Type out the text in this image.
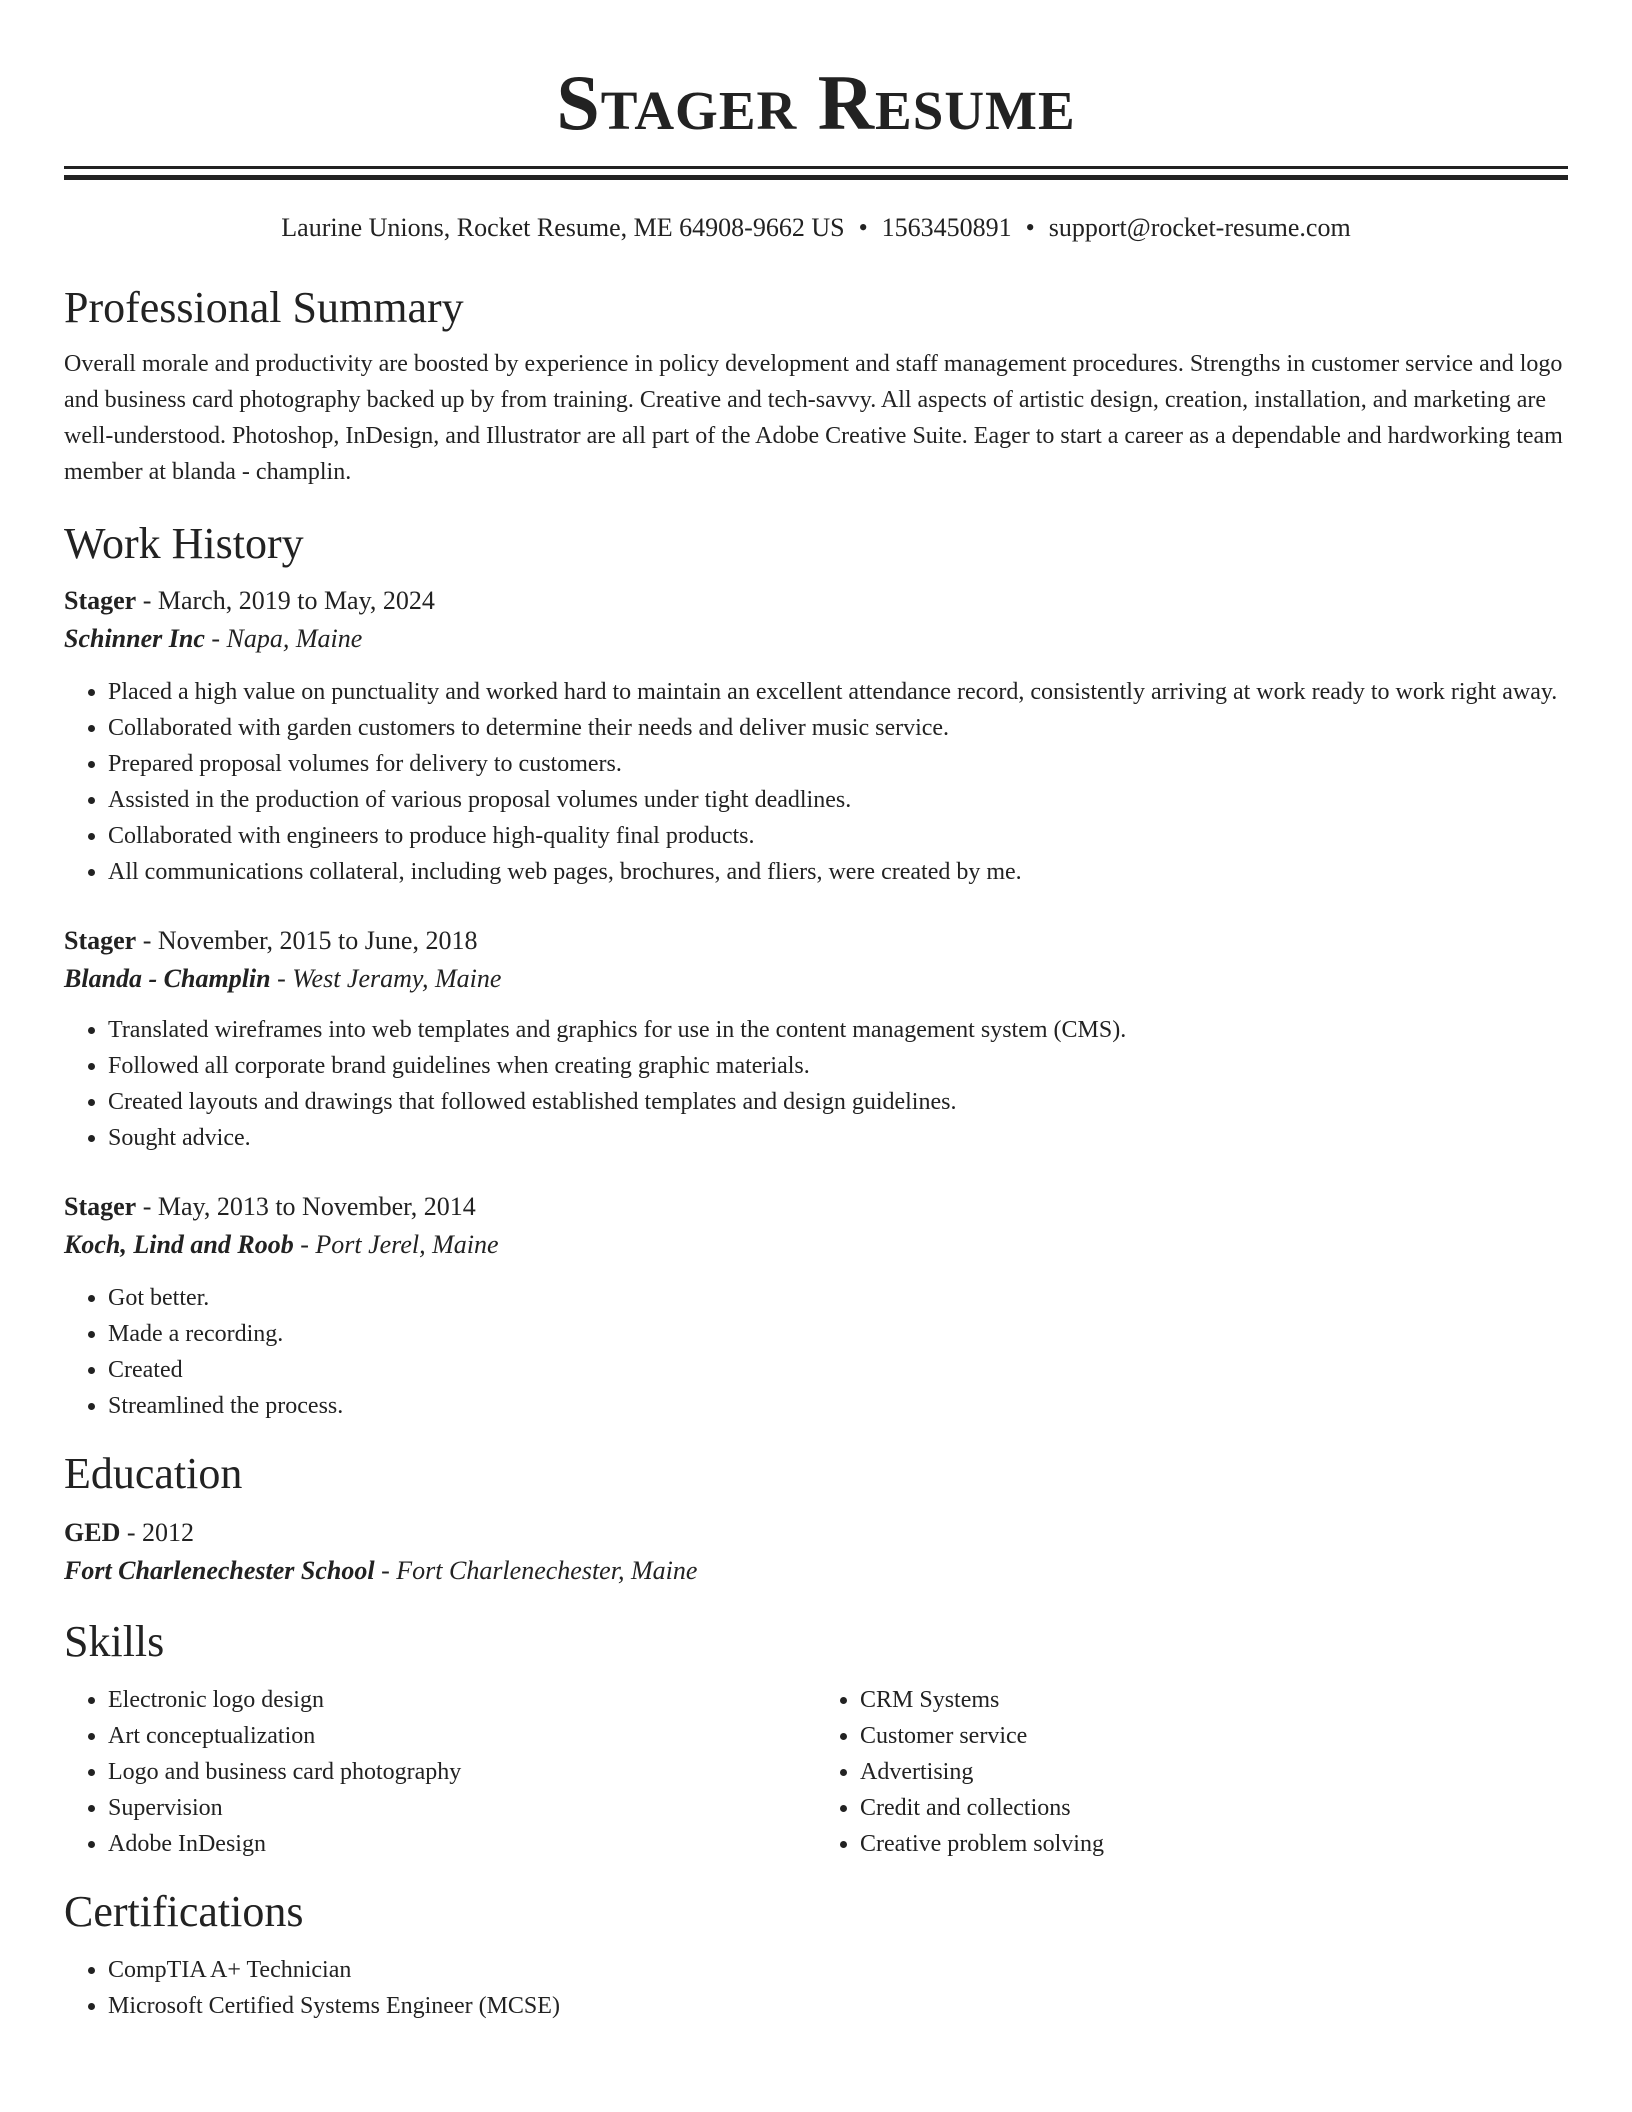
Stager Resume
Laurine Unions, Rocket Resume, ME 64908-9662 US • 1563450891 • support@rocket-resume.com
Professional Summary
Overall morale and productivity are boosted by experience in policy development and staff management procedures. Strengths in customer service and logo and business card photography backed up by from training. Creative and tech-savvy. All aspects of artistic design, creation, installation, and marketing are well-understood. Photoshop, InDesign, and Illustrator are all part of the Adobe Creative Suite. Eager to start a career as a dependable and hardworking team member at blanda - champlin.
Work History
Stager - March, 2019 to May, 2024
Schinner Inc - Napa, Maine
• Placed a high value on punctuality and worked hard to maintain an excellent attendance record, consistently arriving at work ready to work right away.
• Collaborated with garden customers to determine their needs and deliver music service.
• Prepared proposal volumes for delivery to customers.
• Assisted in the production of various proposal volumes under tight deadlines.
• Collaborated with engineers to produce high-quality final products.
• All communications collateral, including web pages, brochures, and fliers, were created by me.
Stager - November, 2015 to June, 2018
Blanda - Champlin - West Jeramy, Maine
• Translated wireframes into web templates and graphics for use in the content management system (CMS).
• Followed all corporate brand guidelines when creating graphic materials.
• Created layouts and drawings that followed established templates and design guidelines.
• Sought advice.
Stager - May, 2013 to November, 2014
Koch, Lind and Roob - Port Jerel, Maine
• Got better.
• Made a recording.
• Created
• Streamlined the process.
Education
GED - 2012
Fort Charlenechester School - Fort Charlenechester, Maine
Skills
• Electronic logo design
• Art conceptualization
• Logo and business card photography
• Supervision
• Adobe InDesign
• CRM Systems
• Customer service
• Advertising
• Credit and collections
• Creative problem solving
Certifications
• CompTIA A+ Technician
• Microsoft Certified Systems Engineer (MCSE)
